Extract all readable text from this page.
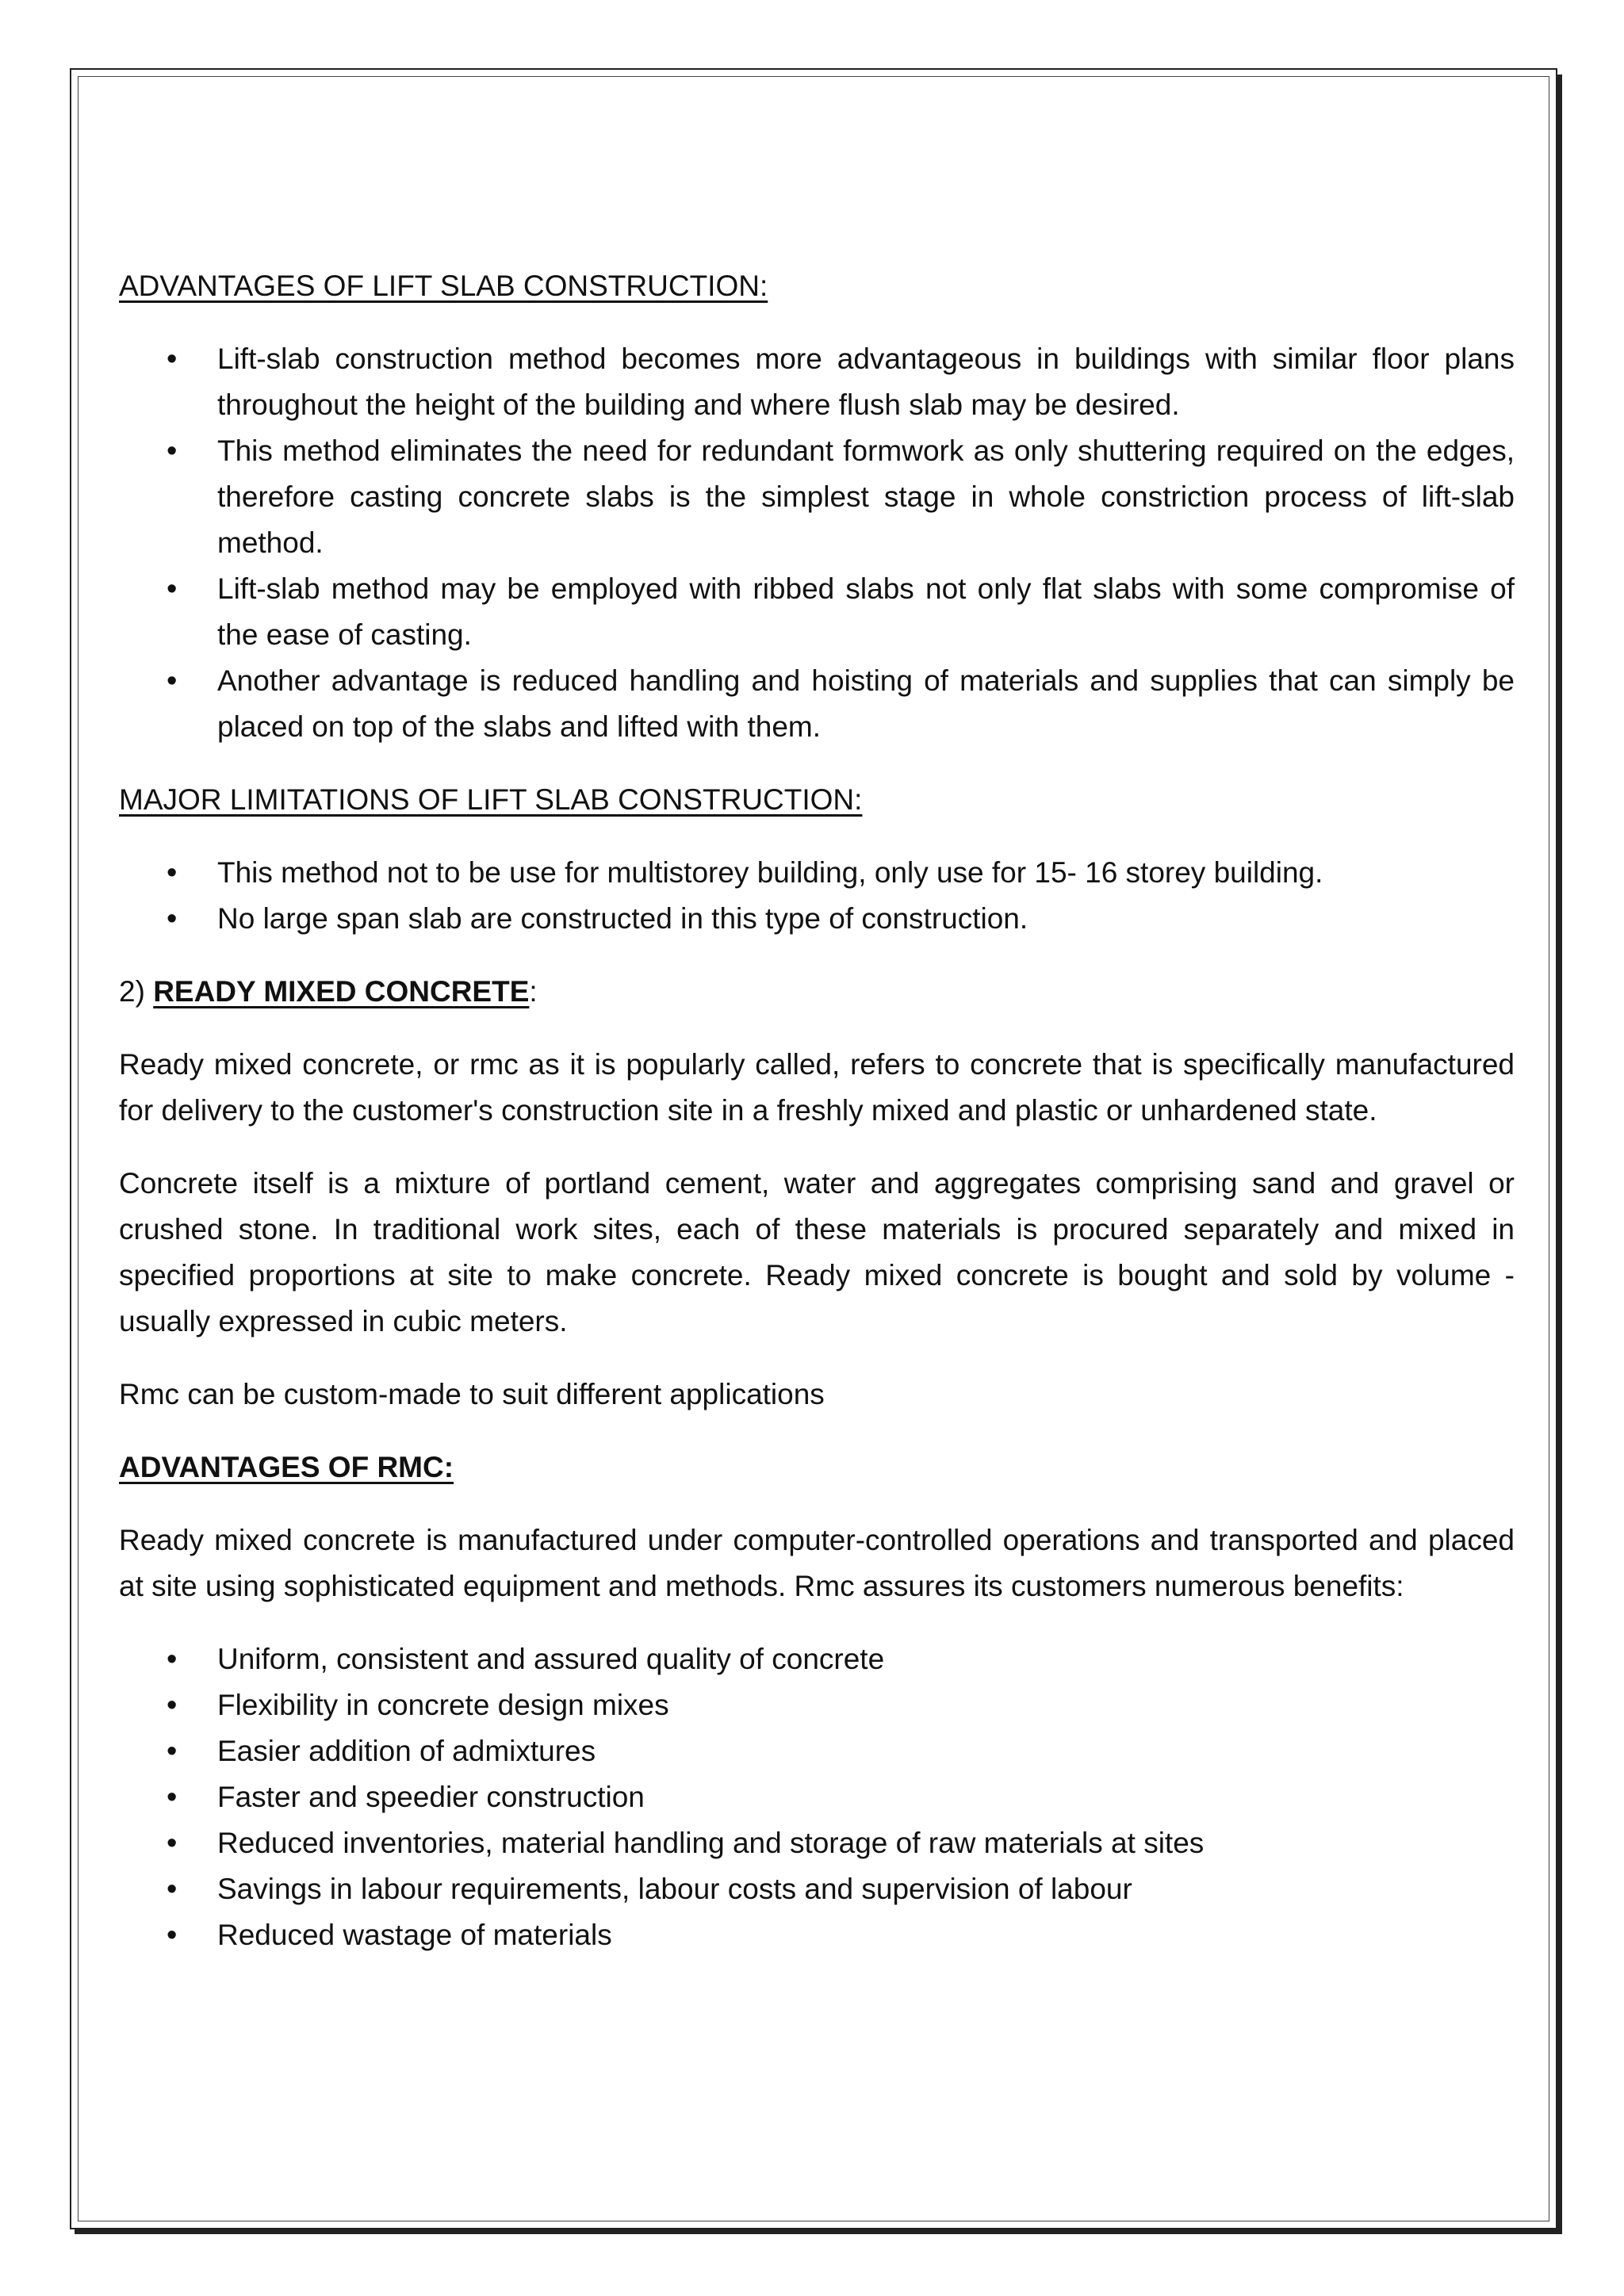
ADVANTAGES OF LIFT SLAB CONSTRUCTION:
• Lift-slab construction method becomes more advantageous in buildings with similar floor plans throughout the height of the building and where flush slab may be desired.
• This method eliminates the need for redundant formwork as only shuttering required on the edges, therefore casting concrete slabs is the simplest stage in whole constriction process of lift-slab method.
• Lift-slab method may be employed with ribbed slabs not only flat slabs with some compromise of the ease of casting.
• Another advantage is reduced handling and hoisting of materials and supplies that can simply be placed on top of the slabs and lifted with them.
MAJOR LIMITATIONS OF LIFT SLAB CONSTRUCTION:
• This method not to be use for multistorey building, only use for 15- 16 storey building.
• No large span slab are constructed in this type of construction.
2) READY MIXED CONCRETE:

Ready mixed concrete, or rmc as it is popularly called, refers to concrete that is specifically manufactured for delivery to the customer's construction site in a freshly mixed and plastic or unhardened state.

Concrete itself is a mixture of portland cement, water and aggregates comprising sand and gravel or crushed stone. In traditional work sites, each of these materials is procured separately and mixed in specified proportions at site to make concrete. Ready mixed concrete is bought and sold by volume - usually expressed in cubic meters.

Rmc can be custom-made to suit different applications

ADVANTAGES OF RMC:

Ready mixed concrete is manufactured under computer-controlled operations and transported and placed at site using sophisticated equipment and methods. Rmc assures its customers numerous benefits:

• Uniform, consistent and assured quality of concrete
• Flexibility in concrete design mixes
• Easier addition of admixtures
• Faster and speedier construction
• Reduced inventories, material handling and storage of raw materials at sites
• Savings in labour requirements, labour costs and supervision of labour
• Reduced wastage of materials
